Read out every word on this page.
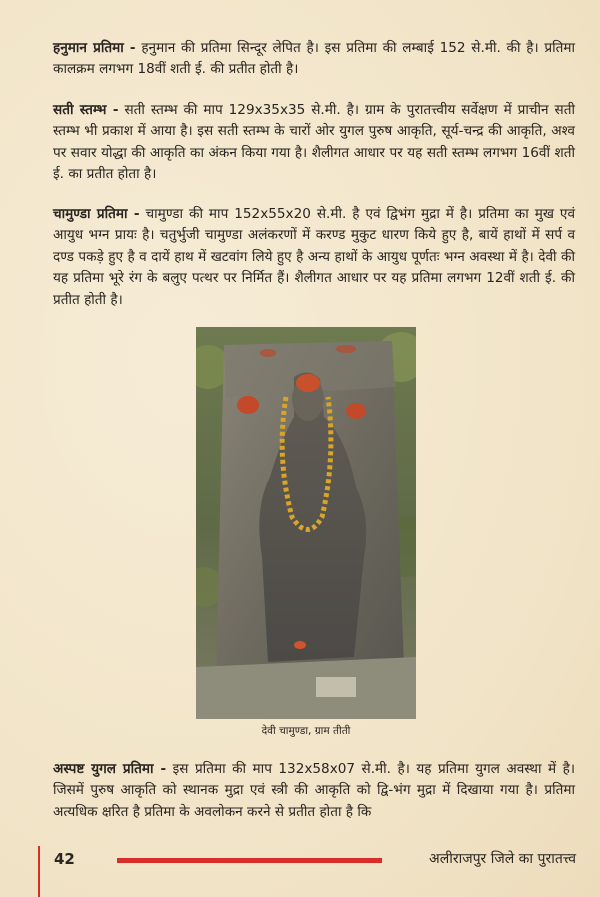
हनुमान प्रतिमा - हनुमान की प्रतिमा सिन्दूर लेपित है। इस प्रतिमा की लम्बाई 152 से.मी. की है। प्रतिमा कालक्रम लगभग 18वीं शती ई. की प्रतीत होती है।

सती स्तम्भ - सती स्तम्भ की माप 129x35x35 से.मी. है। ग्राम के पुरातत्त्वीय सर्वेक्षण में प्राचीन सती स्तम्भ भी प्रकाश में आया है। इस सती स्तम्भ के चारों ओर युगल पुरुष आकृति, सूर्य-चन्द्र की आकृति, अश्व पर सवार योद्धा की आकृति का अंकन किया गया है। शैलीगत आधार पर यह सती स्तम्भ लगभग 16वीं शती ई. का प्रतीत होता है।

चामुण्डा प्रतिमा - चामुण्डा की माप 152x55x20 से.मी. है एवं द्विभंग मुद्रा में है। प्रतिमा का मुख एवं आयुध भग्न प्रायः है। चतुर्भुजी चामुण्डा अलंकरणों में करण्ड मुकुट धारण किये हुए है, बायें हाथों में सर्प व दण्ड पकड़े हुए है व दायें हाथ में खटवांग लिये हुए है अन्य हाथों के आयुध पूर्णतः भग्न अवस्था में है। देवी की यह प्रतिमा भूरे रंग के बलुए पत्थर पर निर्मित हैं। शैलीगत आधार पर यह प्रतिमा लगभग 12वीं शती ई. की प्रतीत होती है।

देवी चामुण्डा, ग्राम तीती

अस्पष्ट युगल प्रतिमा - इस प्रतिमा की माप 132x58x07 से.मी. है। यह प्रतिमा युगल अवस्था में है। जिसमें पुरुष आकृति को स्थानक मुद्रा एवं स्त्री की आकृति को द्वि-भंग मुद्रा में दिखाया गया है। प्रतिमा अत्यधिक क्षरित है प्रतिमा के अवलोकन करने से प्रतीत होता है कि

42	अलीराजपुर जिले का पुरातत्त्व
